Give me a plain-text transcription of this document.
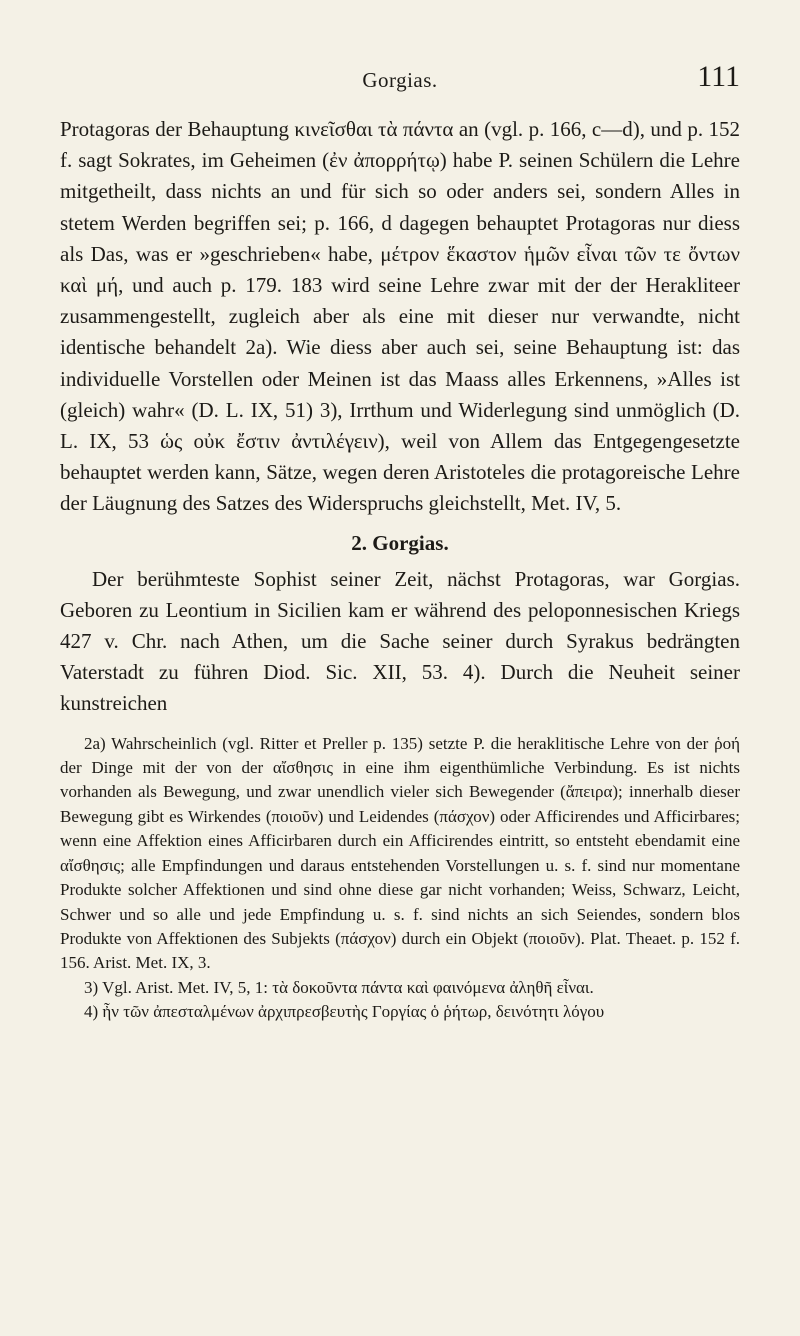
Gorgias.	111

Protagoras der Behauptung κινεῖσθαι τὰ πάντα an (vgl. p. 166, c—d), und p. 152 f. sagt Sokrates, im Geheimen (ἐν ἀπορρήτῳ) habe P. seinen Schülern die Lehre mitgetheilt, dass nichts an und für sich so oder anders sei, sondern Alles in stetem Werden begriffen sei; p. 166, d dagegen behauptet Protagoras nur diess als Das, was er »geschrieben« habe, μέτρον ἕκαστον ἡμῶν εἶναι τῶν τε ὄντων καὶ μή, und auch p. 179. 183 wird seine Lehre zwar mit der der Herakliteer zusammengestellt, zugleich aber als eine mit dieser nur verwandte, nicht identische behandelt 2a). Wie diess aber auch sei, seine Behauptung ist: das individuelle Vorstellen oder Meinen ist das Maass alles Erkennens, »Alles ist (gleich) wahr« (D. L. IX, 51) 3), Irrthum und Widerlegung sind unmöglich (D. L. IX, 53 ὡς οὐκ ἔστιν ἀντιλέγειν), weil von Allem das Entgegengesetzte behauptet werden kann, Sätze, wegen deren Aristoteles die protagoreische Lehre der Läugnung des Satzes des Widerspruchs gleichstellt, Met. IV, 5.

2. Gorgias.

Der berühmteste Sophist seiner Zeit, nächst Protagoras, war Gorgias. Geboren zu Leontium in Sicilien kam er während des peloponnesischen Kriegs 427 v. Chr. nach Athen, um die Sache seiner durch Syrakus bedrängten Vaterstadt zu führen Diod. Sic. XII, 53. 4). Durch die Neuheit seiner kunstreichen

2a) Wahrscheinlich (vgl. Ritter et Preller p. 135) setzte P. die heraklitische Lehre von der ῥοή der Dinge mit der von der αἴσθησις in eine ihm eigenthümliche Verbindung. Es ist nichts vorhanden als Bewegung, und zwar unendlich vieler sich Bewegender (ἄπειρα); innerhalb dieser Bewegung gibt es Wirkendes (ποιοῦν) und Leidendes (πάσχον) oder Afficirendes und Afficirbares; wenn eine Affektion eines Afficirbaren durch ein Afficirendes eintritt, so entsteht ebendamit eine αἴσθησις; alle Empfindungen und daraus entstehenden Vorstellungen u. s. f. sind nur momentane Produkte solcher Affektionen und sind ohne diese gar nicht vorhanden; Weiss, Schwarz, Leicht, Schwer und so alle und jede Empfindung u. s. f. sind nichts an sich Seiendes, sondern blos Produkte von Affektionen des Subjekts (πάσχον) durch ein Objekt (ποιοῦν). Plat. Theaet. p. 152 f. 156. Arist. Met. IX, 3.

3) Vgl. Arist. Met. IV, 5, 1: τὰ δοκοῦντα πάντα καὶ φαινόμενα ἀληθῆ εἶναι.

4) ἦν τῶν ἀπεσταλμένων ἀρχιπρεσβευτὴς Γοργίας ὁ ῥήτωρ, δεινότητι λόγου
